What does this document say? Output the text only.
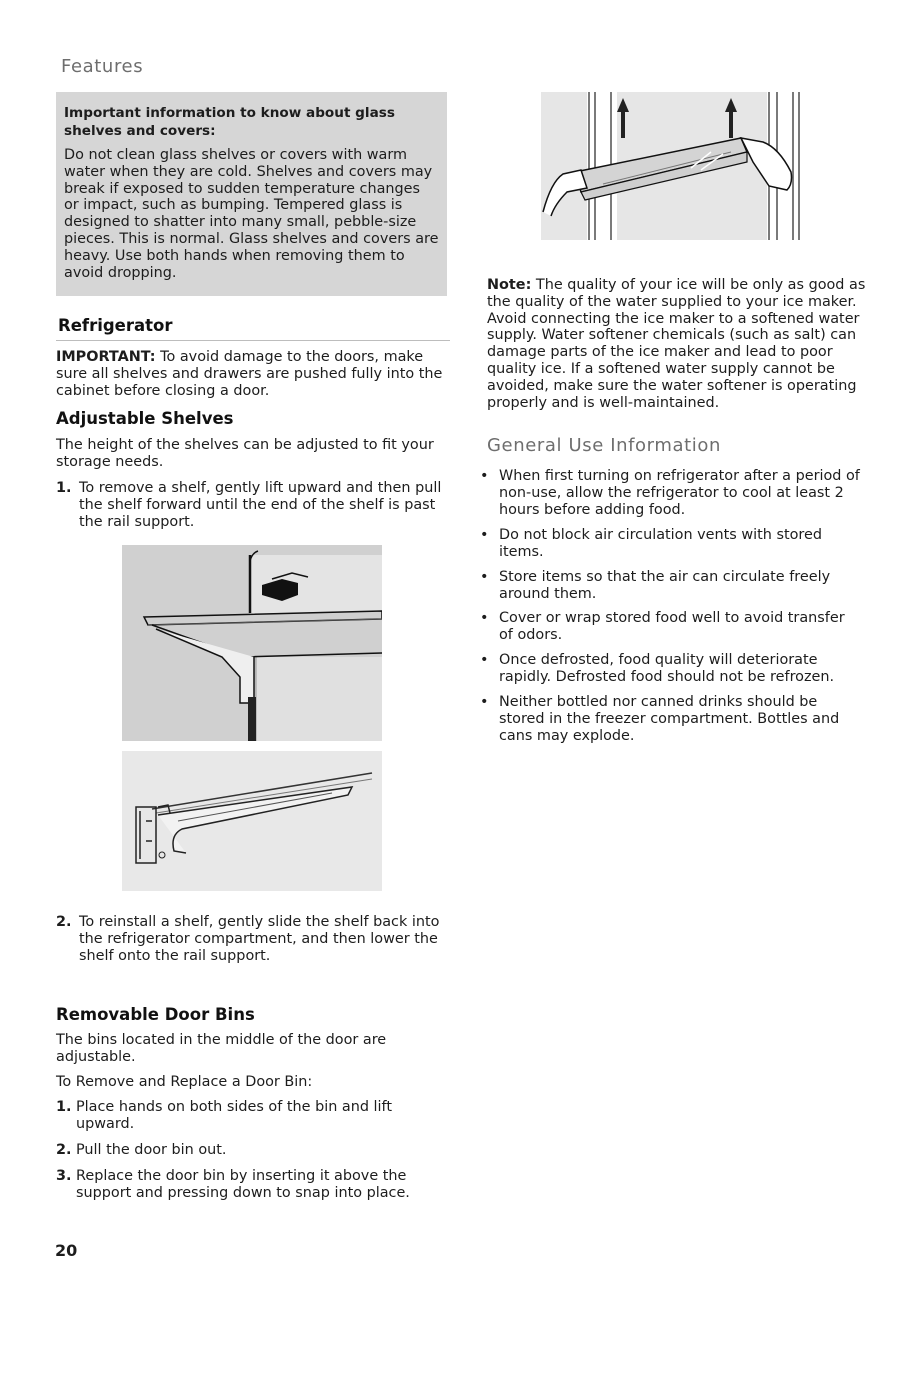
Features

Important information to know about glass shelves and covers:

Do not clean glass shelves or covers with warm water when they are cold. Shelves and covers may break if exposed to sudden temperature changes or impact, such as bumping. Tempered glass is designed to shatter into many small, pebble-size pieces. This is normal. Glass shelves and covers are heavy. Use both hands when removing them to avoid dropping.

Refrigerator

IMPORTANT: To avoid damage to the doors, make sure all shelves and drawers are pushed fully into the cabinet before closing a door.

Adjustable Shelves

The height of the shelves can be adjusted to fit your storage needs.

1. To remove a shelf, gently lift upward and then pull the shelf forward until the end of the shelf is past the rail support.
2. To reinstall a shelf, gently slide the shelf back into the refrigerator compartment, and then lower the shelf onto the rail support.
Removable Door Bins

The bins located in the middle of the door are adjustable.

To Remove and Replace a Door Bin:

1. Place hands on both sides of the bin and lift upward.
2. Pull the door bin out.
3. Replace the door bin by inserting it above the support and pressing down to snap into place.

Note: The quality of your ice will be only as good as the quality of the water supplied to your ice maker. Avoid connecting the ice maker to a softened water supply. Water softener chemicals (such as salt) can damage parts of the ice maker and lead to poor quality ice. If a softened water supply cannot be avoided, make sure the water softener is operating properly and is well-maintained.

General Use Information
• When first turning on refrigerator after a period of non-use, allow the refrigerator to cool at least 2 hours before adding food.
• Do not block air circulation vents with stored items.
• Store items so that the air can circulate freely around them.
• Cover or wrap stored food well to avoid transfer of odors.
• Once defrosted, food quality will deteriorate rapidly. Defrosted food should not be refrozen.
• Neither bottled nor canned drinks should be stored in the freezer compartment. Bottles and cans may explode.
20
